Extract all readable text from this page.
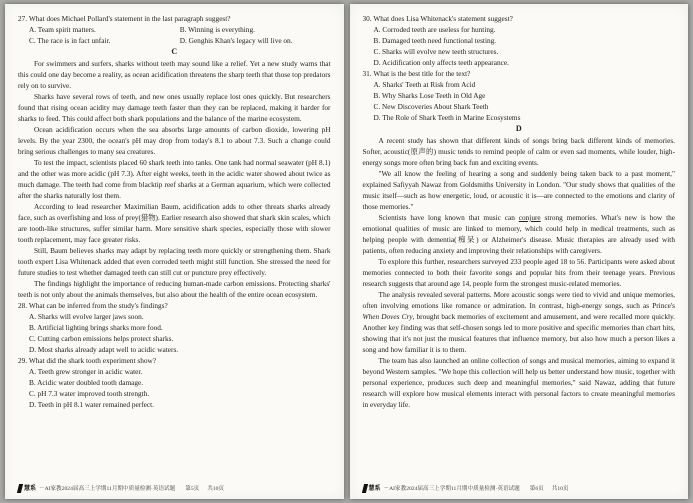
27. What does Michael Pollard's statement in the last paragraph suggest?
A. Team spirit matters.	B. Winning is everything.
C. The race is in fact unfair.	D. Genghis Khan's legacy will live on.
C

For swimmers and surfers, sharks without teeth may sound like a relief. Yet a new study warns that this could one day become a reality, as ocean acidification threatens the sharp teeth that those top predators rely on to survive.

Sharks have several rows of teeth, and new ones usually replace lost ones quickly. But researchers found that rising ocean acidity may damage teeth faster than they can be replaced, making it harder for sharks to feed. This could affect both shark populations and the balance of the marine ecosystem.

Ocean acidification occurs when the sea absorbs large amounts of carbon dioxide, lowering pH levels. By the year 2300, the ocean's pH may drop from today's 8.1 to about 7.3. Such a change could bring serious challenges to many sea creatures.

To test the impact, scientists placed 60 shark teeth into tanks. One tank had normal seawater (pH 8.1) and the other was more acidic (pH 7.3). After eight weeks, teeth in the acidic water showed about twice as much damage. The teeth had come from blacktip reef sharks at a German aquarium, which were collected after the sharks naturally lost them.

According to lead researcher Maximilian Baum, acidification adds to other threats sharks already face, such as overfishing and loss of prey(猎物). Earlier research also showed that shark skin scales, which are tooth-like structures, suffer similar harm. More sensitive shark species, especially those with slower tooth replacement, may face greater risks.

Still, Baum believes sharks may adapt by replacing teeth more quickly or strengthening them. Shark tooth expert Lisa Whitenack added that even corroded teeth might still function. She stressed the need for future studies to test whether damaged teeth can still cut or puncture prey effectively.

The findings highlight the importance of reducing human-made carbon emissions. Protecting sharks' teeth is not only about the animals themselves, but also about the health of the entire ocean ecosystem.

28. What can be inferred from the study's findings?
A. Sharks will evolve larger jaws soon.
B. Artificial lighting brings sharks more food.
C. Cutting carbon emissions helps protect sharks.
D. Most sharks already adapt well to acidic waters.
29. What did the shark tooth experiment show?
A. Teeth grew stronger in acidic water.
B. Acidic water doubled tooth damage.
C. pH 7.3 water improved tooth strength.
D. Teeth in pH 8.1 water remained perfect.
慧系 －AI家教2024届高三上学期11月期中质量检测·英语试题 第5页 共10页
30. What does Lisa Whitenack's statement suggest?
A. Corroded teeth are useless for hunting.
B. Damaged teeth need functional testing.
C. Sharks will evolve new teeth structures.
D. Acidification only affects teeth appearance.
31. What is the best title for the text?
A. Sharks' Teeth at Risk from Acid
B. Why Sharks Lose Teeth in Old Age
C. New Discoveries About Shark Teeth
D. The Role of Shark Teeth in Marine Ecosystems
D

A recent study has shown that different kinds of songs bring back different kinds of memories. Softer, acoustic(原声的) music tends to remind people of calm or even sad moments, while louder, high-energy songs more often bring back fun and exciting events.

"We all know the feeling of hearing a song and suddenly being taken back to a past moment," explained Safiyyah Nawaz from Goldsmiths University in London. "Our study shows that qualities of the music itself—such as how energetic, loud, or acoustic it is—are connected to the emotions and clarity of those memories."

Scientists have long known that music can conjure strong memories. What's new is how the emotional qualities of music are linked to memory, which could help in medical treatments, such as helping people with dementia(痴呆) or Alzheimer's disease. Music therapies are already used with patients, often reducing anxiety and improving their relationships with caregivers.

To explore this further, researchers surveyed 233 people aged 18 to 56. Participants were asked about memories connected to both their favorite songs and popular hits from their teenage years. Previous research suggests that around age 14, people form the strongest music-related memories.

The analysis revealed several patterns. More acoustic songs were tied to vivid and unique memories, often involving emotions like romance or admiration. In contrast, high-energy songs, such as Prince's When Doves Cry, brought back memories of excitement and amusement, and were recalled more quickly. Another key finding was that self-chosen songs led to more positive and specific memories than chart hits, showing that it's not just the musical features that influence memory, but also how much a person likes a song and how familiar it is to them.

The team has also launched an online collection of songs and musical memories, aiming to expand it beyond Western samples. "We hope this collection will help us better understand how music, together with personal experience, produces such deep and meaningful memories," said Nawaz, adding that future research will explore how musical elements interact with personal factors to create meaningful memories in everyday life.

慧系 －AI家教2024届高三上学期11月期中质量检测·英语试题 第6页 共10页
